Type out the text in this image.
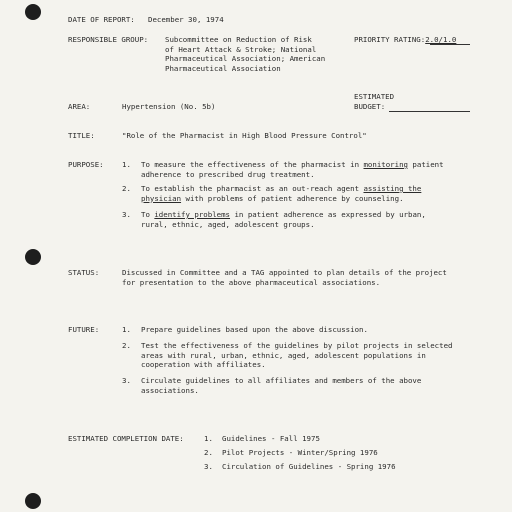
DATE OF REPORT: December 30, 1974
RESPONSIBLE GROUP: Subcommittee on Reduction of Risk
of Heart Attack & Stroke; National
Pharmaceutical Association; American
Pharmaceutical Association
PRIORITY RATING:2.0/1.0
ESTIMATED
BUDGET:
AREA:	Hypertension (No. 5b)
TITLE:	"Role of the Pharmacist in High Blood Pressure Control"
PURPOSE: 1. To measure the effectiveness of the pharmacist in monitoring patient
adherence to prescribed drug treatment.
2. To establish the pharmacist as an out-reach agent assisting the
physician with problems of patient adherence by counseling.
3. To identify problems in patient adherence as expressed by urban,
rural, ethnic, aged, adolescent groups.
STATUS:	Discussed in Committee and a TAG appointed to plan details of the project
for presentation to the above pharmaceutical associations.
FUTURE:	1. Prepare guidelines based upon the above discussion.
2. Test the effectiveness of the guidelines by pilot projects in selected
areas with rural, urban, ethnic, aged, adolescent populations in
cooperation with affiliates.
3. Circulate guidelines to all affiliates and members of the above
associations.
ESTIMATED COMPLETION DATE:	1. Guidelines - Fall 1975
2. Pilot Projects - Winter/Spring 1976
3. Circulation of Guidelines - Spring 1976
